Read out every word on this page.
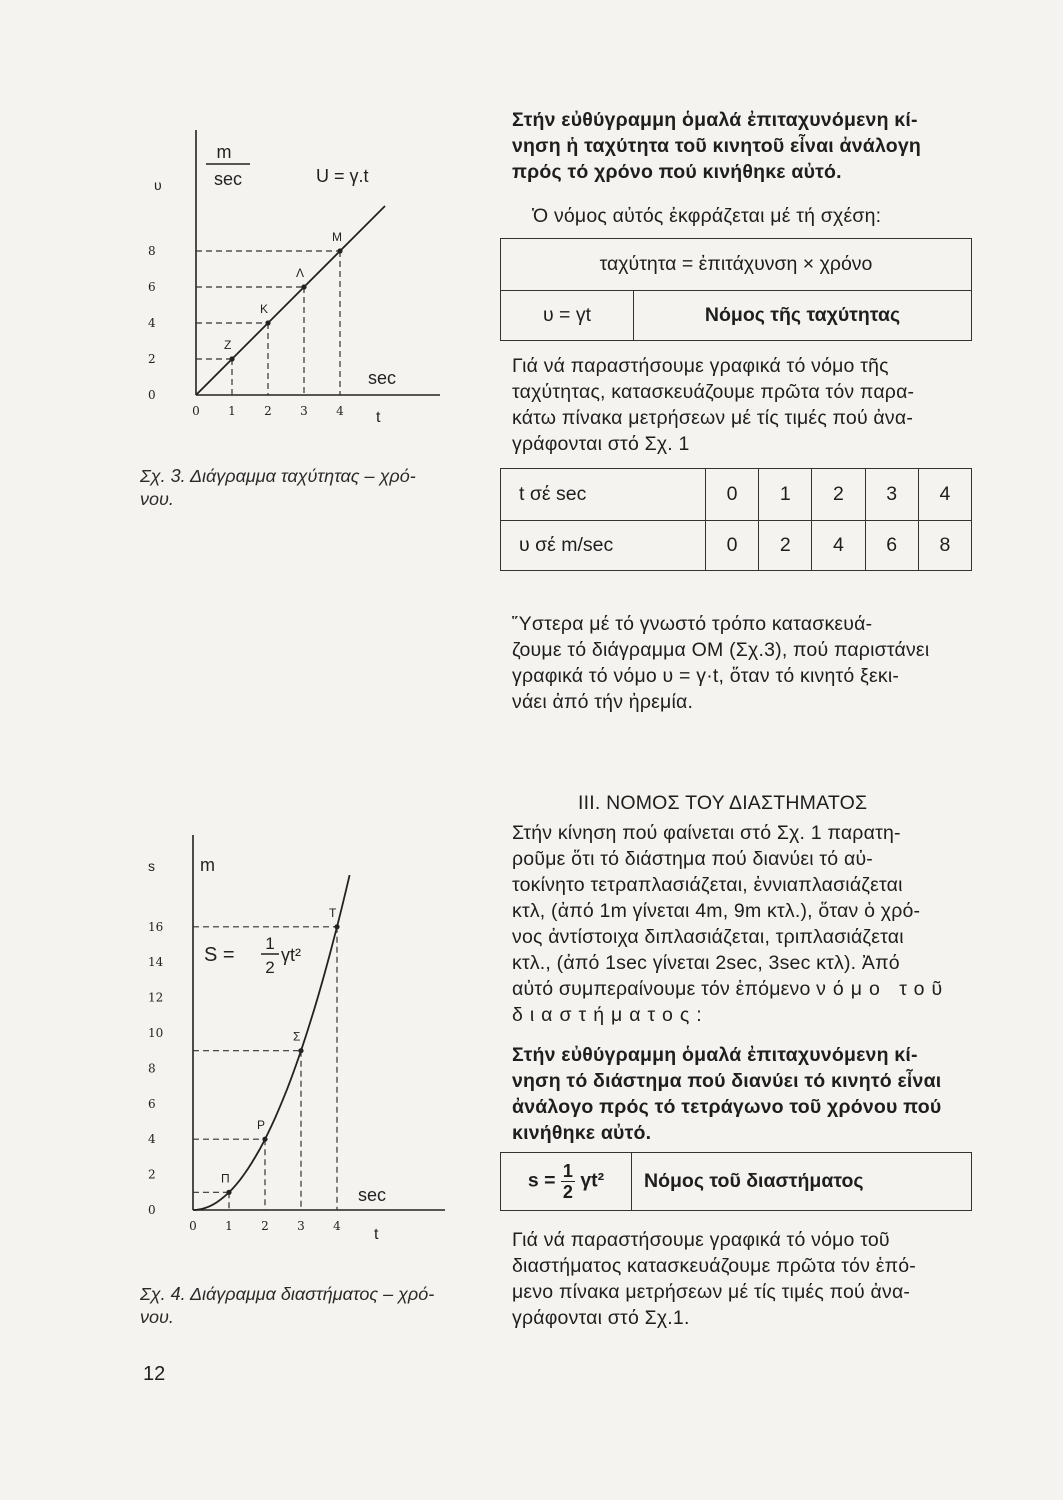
0 1 2 3 4
0
2
4
6
8
Ζ
Κ
Λ
Μ
υ
m
sec	U = γ.t
sec
t
Σχ. 3. Διάγραμμα ταχύτητας – χρό-
νου.
0 1 2 3 4
0
2
4
6
8
10
12
14
16
Π
Ρ
Σ
Τ
s	m
S =
1
2
γt²
sec
t
Σχ. 4. Διάγραμμα διαστήματος – χρό-
νου.
12
Στήν εὐθύγραμμη ὁμαλά ἐπιταχυνόμενη κί-
νηση ἡ ταχύτητα τοῦ κινητοῦ εἶναι ἀνάλογη
πρός τό χρόνο πού κινήθηκε αὐτό.
Ὁ νόμος αὐτός ἐκφράζεται μέ τή σχέση:
ταχύτητα = ἐπιτάχυνση × χρόνο
υ = γt	Νόμος τῆς ταχύτητας
Γιά νά παραστήσουμε γραφικά τό νόμο τῆς
ταχύτητας, κατασκευάζουμε πρῶτα τόν παρα-
κάτω πίνακα μετρήσεων μέ τίς τιμές πού ἀνα-
γράφονται στό Σχ. 1
t σέ sec	0	1	2	3	4
υ σέ m/sec	0	2	4	6	8
Ὕστερα μέ τό γνωστό τρόπο κατασκευά-
ζουμε τό διάγραμμα ΟΜ (Σχ.3), πού παριστάνει
γραφικά τό νόμο υ = γ·t, ὅταν τό κινητό ξεκι-
νάει ἀπό τήν ἠρεμία.
III. ΝΟΜΟΣ ΤΟΥ ΔΙΑΣΤΗΜΑΤΟΣ
Στήν κίνηση πού φαίνεται στό Σχ. 1 παρατη-
ροῦμε ὅτι τό διάστημα πού διανύει τό αὐ-
τοκίνητο τετραπλασιάζεται, ἐννιαπλασιάζεται
κτλ, (ἀπό 1m γίνεται 4m, 9m κτλ.), ὅταν ὁ χρό-
νος ἀντίστοιχα διπλασιάζεται, τριπλασιάζεται
κτλ., (ἀπό 1sec γίνεται 2sec, 3sec κτλ). Ἀπό
αὐτό συμπεραίνουμε τόν ἑπόμενο νόμο τοῦ
διαστήματος:
Στήν εὐθύγραμμη ὁμαλά ἐπιταχυνόμενη κί-
νηση τό διάστημα πού διανύει τό κινητό εἶναι
ἀνάλογο πρός τό τετράγωνο τοῦ χρόνου πού
κινήθηκε αὐτό.
$s = \frac{1}{2} \gamma t^2$	Νόμος τοῦ διαστήματος
Γιά νά παραστήσουμε γραφικά τό νόμο τοῦ
διαστήματος κατασκευάζουμε πρῶτα τόν ἑπό-
μενο πίνακα μετρήσεων μέ τίς τιμές πού ἀνα-
γράφονται στό Σχ.1.
